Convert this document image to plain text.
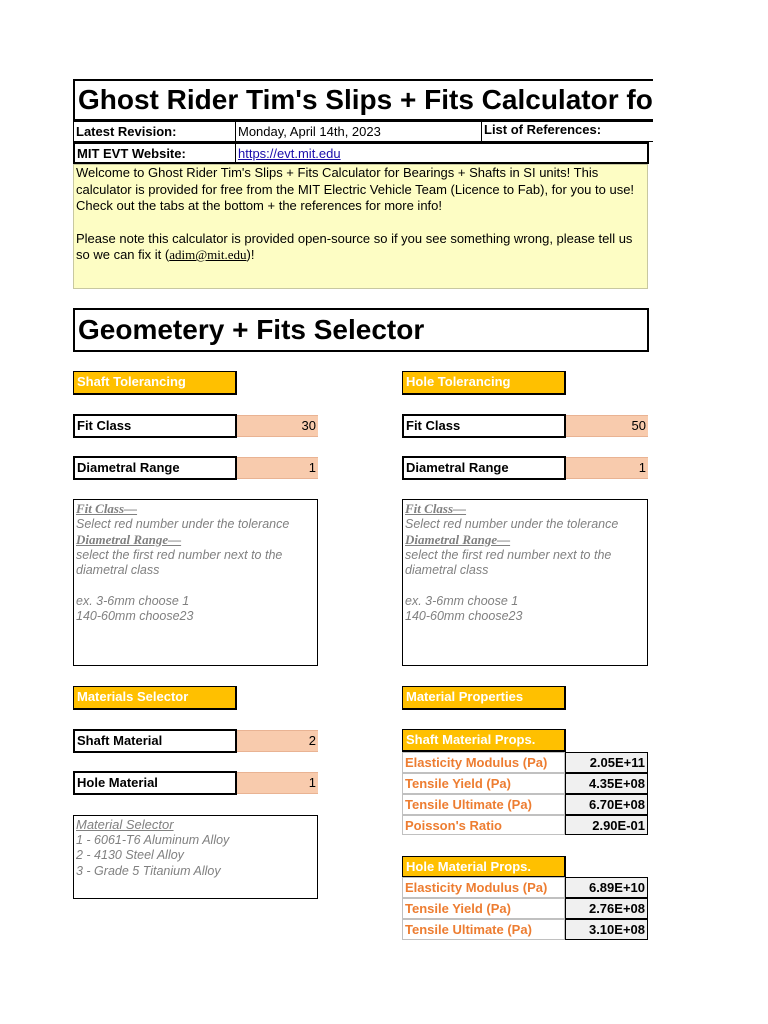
Ghost Rider Tim's Slips + Fits Calculator fo
Latest Revision:	Monday, April 14th, 2023	List of References:
MIT EVT Website:	https://evt.mit.edu

Welcome to Ghost Rider Tim's Slips + Fits Calculator for Bearings + Shafts in SI units! This calculator is provided for free from the MIT Electric Vehicle Team (Licence to Fab), for you to use! Check out the tabs at the bottom + the references for more info!

Please note this calculator is provided open-source so if you see something wrong, please tell us so we can fix it (adim@mit.edu)!

Geometery + Fits Selector
Shaft Tolerancing
Fit Class	30
Diametral Range	1
Fit Class—
Select red number under the tolerance
Diametral Range—
select the first red number next to the
diametral class
ex. 3-6mm choose 1
140-60mm choose23
Hole Tolerancing
Fit Class	50
Diametral Range	1
Fit Class—
Select red number under the tolerance
Diametral Range—
select the first red number next to the
diametral class
ex. 3-6mm choose 1
140-60mm choose23
Materials Selector
Shaft Material	2
Hole Material	1
Material Selector
1 - 6061-T6 Aluminum Alloy
2 - 4130 Steel Alloy
3 - Grade 5 Titanium Alloy
Material Properties
Shaft Material Props.
Elasticity Modulus (Pa)	2.05E+11
Tensile Yield (Pa)	4.35E+08
Tensile Ultimate (Pa)	6.70E+08
Poisson's Ratio	2.90E-01
Hole Material Props.
Elasticity Modulus (Pa)	6.89E+10
Tensile Yield (Pa)	2.76E+08
Tensile Ultimate (Pa)	3.10E+08
